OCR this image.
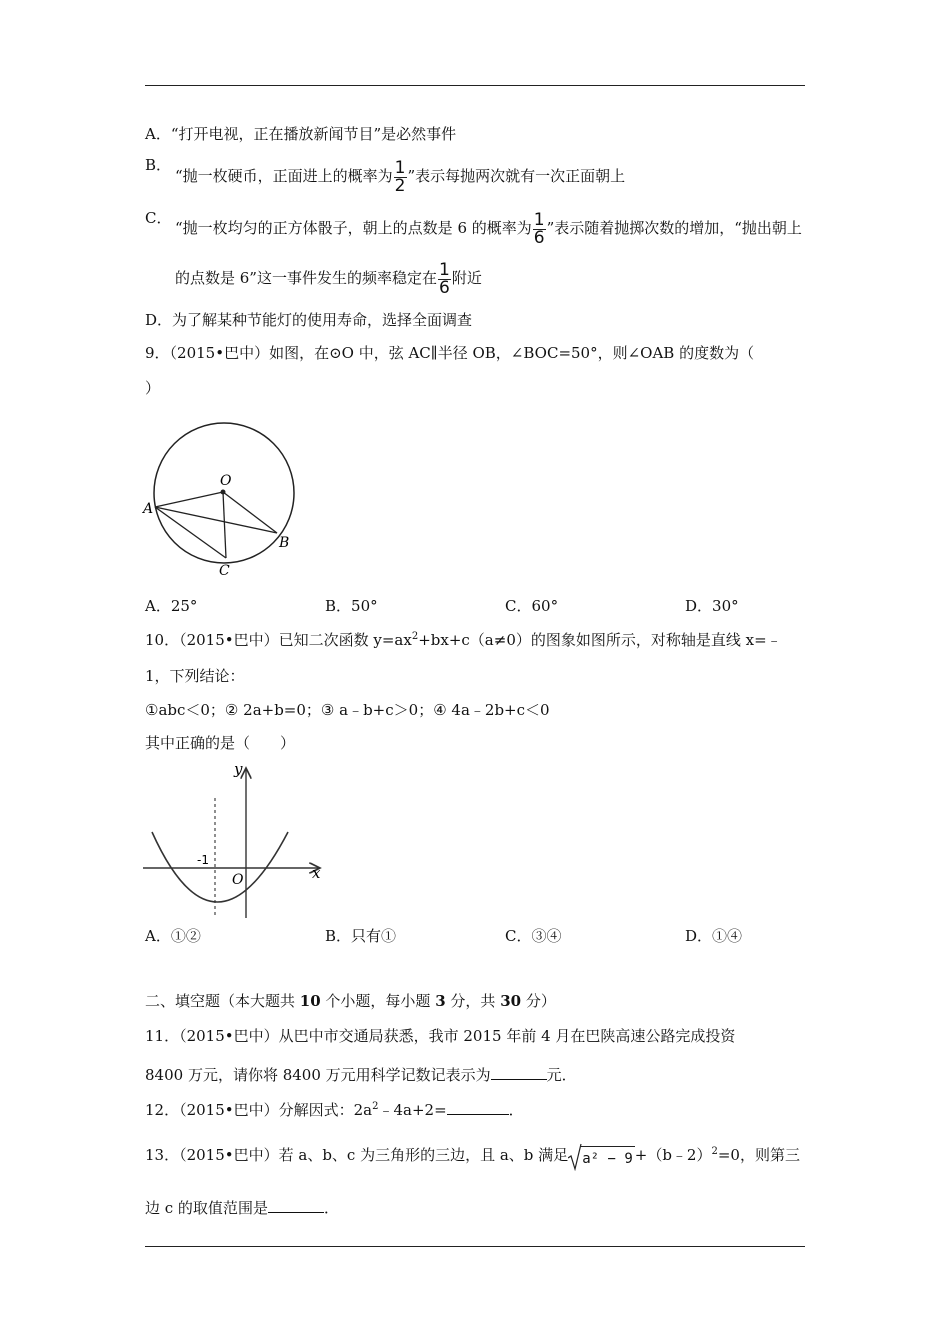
A．“打开电视，正在播放新闻节目”是必然事件
B．
“抛一枚硬币，正面进上的概率为 $\frac{1}{2}$ ”表示每抛两次就有一次正面朝上
C．
“抛一枚均匀的正方体骰子，朝上的点数是 6 的概率为 $\frac{1}{6}$ ”表示随着抛掷次数的增加，“抛出朝上
的点数是 6”这一事件发生的频率稳定在 $\frac{1}{6}$ 附近
D．为了解某种节能灯的使用寿命，选择全面调查
9．（2015•巴中）如图，在⊙O 中，弦 AC∥半径 OB，∠BOC=50°，则∠OAB 的度数为（
）
O
A
B
C
A．25°	B．50°	C．60°	D．30°
10．（2015•巴中）已知二次函数 $y=ax^2+bx+c(a\ne 0)$的图象如图所示，对称轴是直线 x=﹣
1，下列结论：
①abc＜0；② 2a+b=0；③ a﹣b+c＞0；④ 4a﹣2b+c＜0
其中正确的是（　　）
y
x
O
-1
A．①②	B．只有①	C．③④	D．①④
二、填空题（本大题共 10 个小题，每小题 3 分，共 30 分）
11．（2015•巴中）从巴中市交通局获悉，我市 2015 年前 4 月在巴陕高速公路完成投资
8400 万元，请你将 8400 万元用科学记数记表示为	元．
12．（2015•巴中）分解因式：$2a^2﹣4a+2=$	．
13．（2015•巴中）若 a、b、c 为三角形的三边，且 a、b 满足 a² − 9 +（b﹣2）$^2$=0，则第三
边 c 的取值范围是	．
